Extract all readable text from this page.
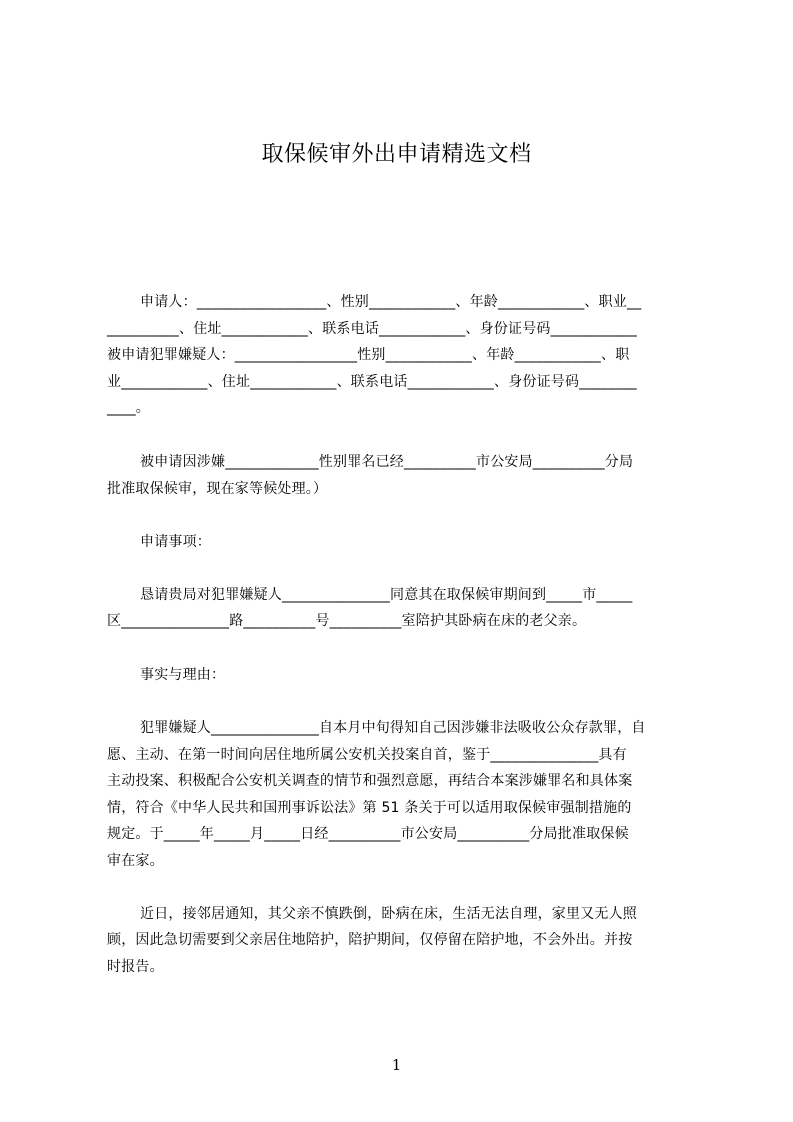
取保候审外出申请精选文档
申请人：__________________、性别____________、年龄____________、职业__
__________、住址____________、联系电话____________、身份证号码____________
被申请犯罪嫌疑人：_________________性别____________、年龄____________、职
业____________、住址____________、联系电话____________、身份证号码________
____。
被申请因涉嫌_____________性别罪名已经__________市公安局__________分局
批准取保候审，现在家等候处理。）
申请事项：
恳请贵局对犯罪嫌疑人_______________同意其在取保候审期间到_____市_____
区_______________路__________号__________室陪护其卧病在床的老父亲。
事实与理由：
犯罪嫌疑人_______________自本月中旬得知自己因涉嫌非法吸收公众存款罪，自
愿、主动、在第一时间向居住地所属公安机关投案自首，鉴于_______________具有
主动投案、积极配合公安机关调查的情节和强烈意愿，再结合本案涉嫌罪名和具体案
情，符合《中华人民共和国刑事诉讼法》第 51 条关于可以适用取保候审强制措施的
规定。于_____年_____月_____日经__________市公安局__________分局批准取保候
审在家。
近日，接邻居通知，其父亲不慎跌倒，卧病在床，生活无法自理，家里又无人照
顾，因此急切需要到父亲居住地陪护，陪护期间，仅停留在陪护地，不会外出。并按
时报告。
1
